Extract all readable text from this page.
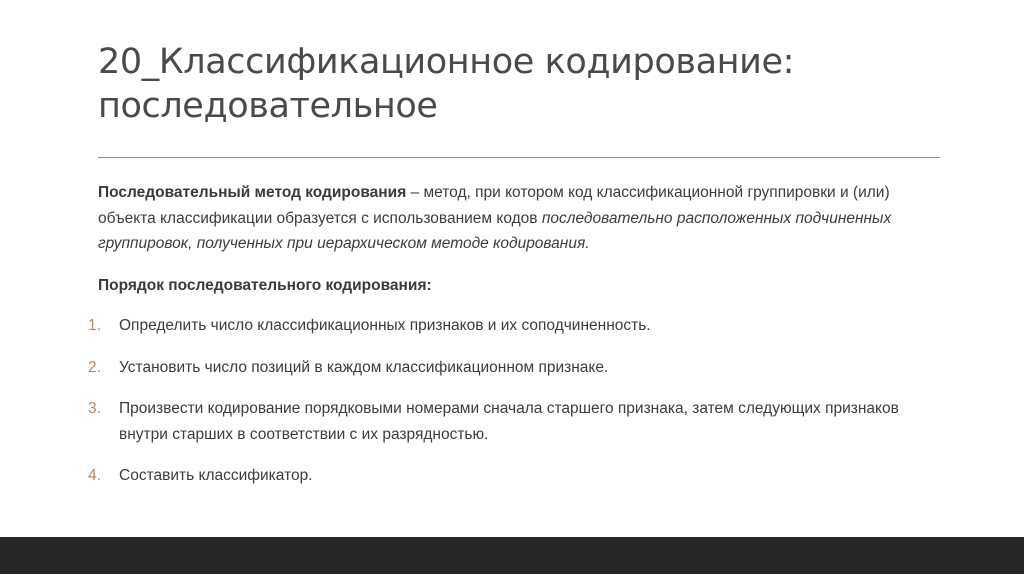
20_Классификационное кодирование:
последовательное
Последовательный метод кодирования – метод, при котором код классификационной группировки и (или) объекта классификации образуется с использованием кодов последовательно расположенных подчиненных группировок, полученных при иерархическом методе кодирования.
Порядок последовательного кодирования:
1. Определить число классификационных признаков и их соподчиненность.
2. Установить число позиций в каждом классификационном признаке.
3. Произвести кодирование порядковыми номерами сначала старшего признака, затем следующих признаков внутри старших в соответствии с их разрядностью.
4. Составить классификатор.
